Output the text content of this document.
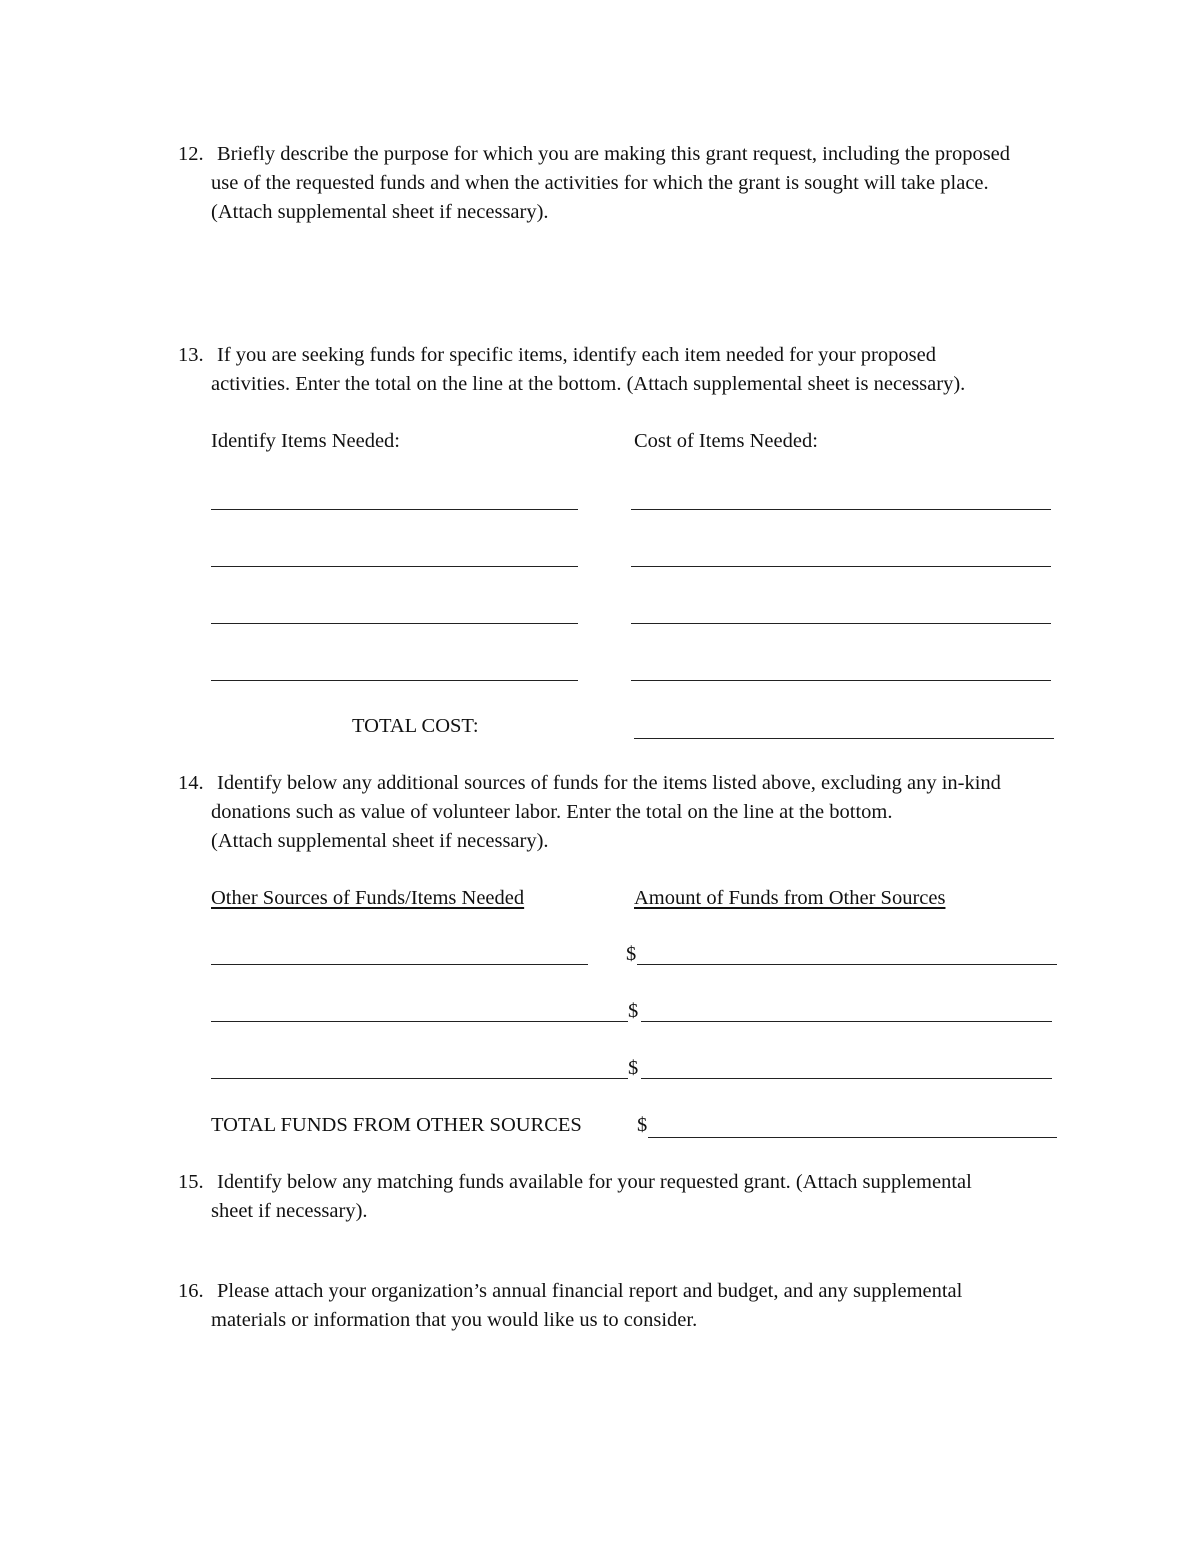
12. Briefly describe the purpose for which you are making this grant request, including the proposed
use of the requested funds and when the activities for which the grant is sought will take place.
(Attach supplemental sheet if necessary).
13. If you are seeking funds for specific items, identify each item needed for your proposed
activities. Enter the total on the line at the bottom. (Attach supplemental sheet is necessary).
Identify Items Needed:	Cost of Items Needed:
TOTAL COST:
14. Identify below any additional sources of funds for the items listed above, excluding any in-kind
donations such as value of volunteer labor. Enter the total on the line at the bottom.
(Attach supplemental sheet if necessary).
Other Sources of Funds/Items Needed	Amount of Funds from Other Sources
$
$
$
TOTAL FUNDS FROM OTHER SOURCES	$
15. Identify below any matching funds available for your requested grant. (Attach supplemental
sheet if necessary).
16. Please attach your organization’s annual financial report and budget, and any supplemental
materials or information that you would like us to consider.
